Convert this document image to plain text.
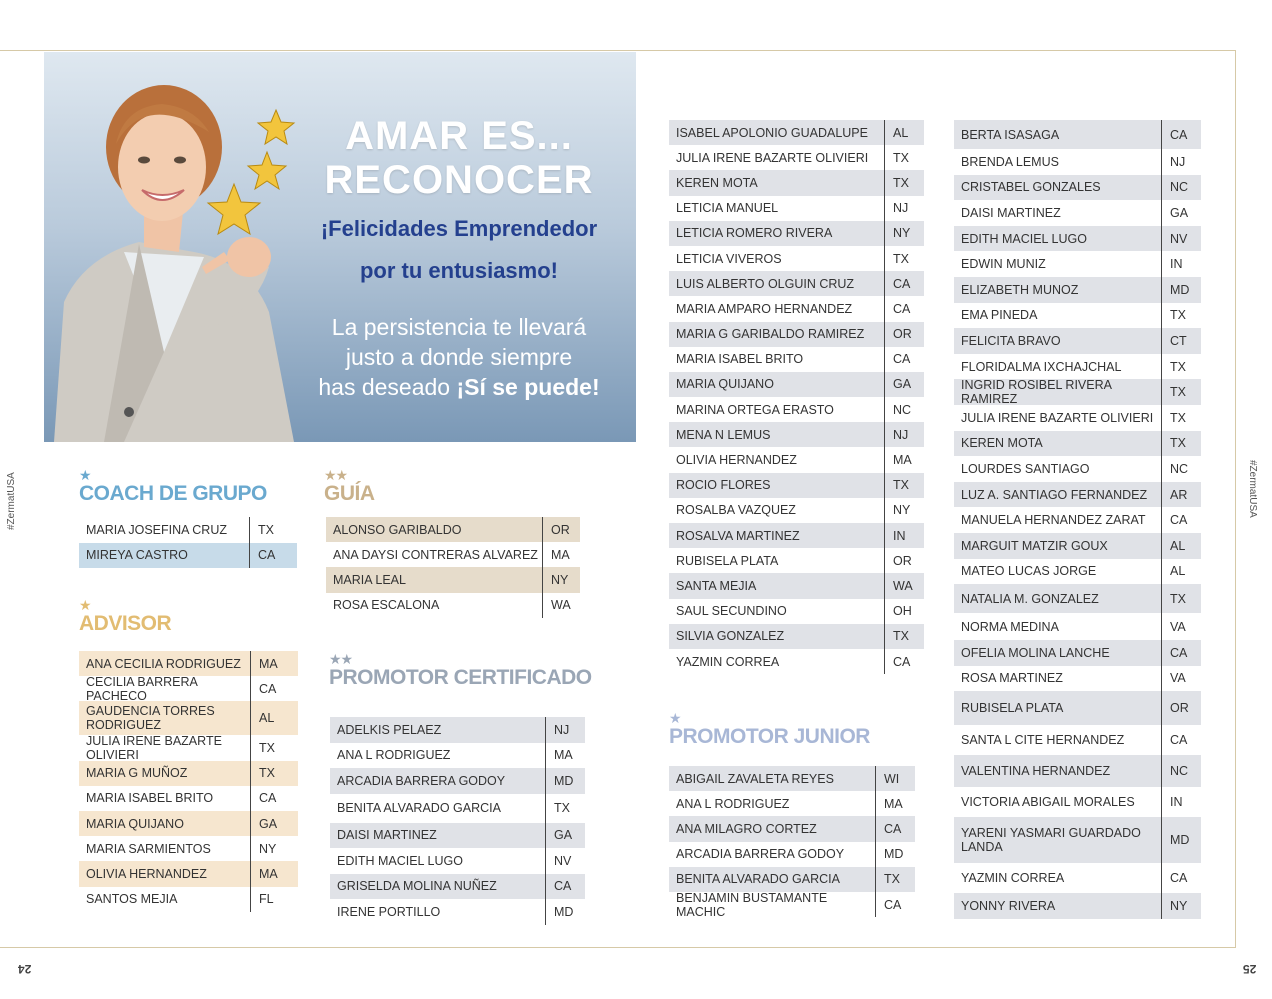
#ZermatUSA	#ZermatUSA
24	25
AMAR ES...
RECONOCER
¡Felicidades Emprendedor
por tu entusiasmo!
La persistencia te llevará
justo a donde siempre
has deseado ¡Sí se puede!
★
COACH DE GRUPO
★
ADVISOR
★★
GUÍA
★★
PROMOTOR CERTIFICADO
★
PROMOTOR JUNIOR
MARIA JOSEFINA CRUZ	TX
MIREYA CASTRO	CA
ANA CECILIA RODRIGUEZ	MA
CECILIA BARRERA PACHECO	CA
GAUDENCIA TORRES RODRIGUEZ	AL
JULIA IRENE BAZARTE OLIVIERI	TX
MARIA G MUÑOZ	TX
MARIA ISABEL BRITO	CA
MARIA QUIJANO	GA
MARIA SARMIENTOS	NY
OLIVIA HERNANDEZ	MA
SANTOS MEJIA	FL
ALONSO GARIBALDO	OR
ANA DAYSI CONTRERAS ALVAREZ	MA
MARIA LEAL	NY
ROSA ESCALONA	WA
ADELKIS PELAEZ	NJ
ANA L RODRIGUEZ	MA
ARCADIA BARRERA GODOY	MD
BENITA ALVARADO GARCIA	TX
DAISI MARTINEZ	GA
EDITH MACIEL LUGO	NV
GRISELDA MOLINA NUÑEZ	CA
IRENE PORTILLO	MD
ISABEL APOLONIO GUADALUPE	AL
JULIA IRENE BAZARTE OLIVIERI	TX
KEREN MOTA	TX
LETICIA MANUEL	NJ
LETICIA ROMERO RIVERA	NY
LETICIA VIVEROS	TX
LUIS ALBERTO OLGUIN CRUZ	CA
MARIA AMPARO HERNANDEZ	CA
MARIA G GARIBALDO RAMIREZ	OR
MARIA ISABEL BRITO	CA
MARIA QUIJANO	GA
MARINA ORTEGA ERASTO	NC
MENA N LEMUS	NJ
OLIVIA HERNANDEZ	MA
ROCIO FLORES	TX
ROSALBA VAZQUEZ	NY
ROSALVA MARTINEZ	IN
RUBISELA PLATA	OR
SANTA MEJIA	WA
SAUL SECUNDINO	OH
SILVIA GONZALEZ	TX
YAZMIN CORREA	CA
ABIGAIL ZAVALETA REYES	WI
ANA L RODRIGUEZ	MA
ANA MILAGRO CORTEZ	CA
ARCADIA BARRERA GODOY	MD
BENITA ALVARADO GARCIA	TX
BENJAMIN BUSTAMANTE MACHIC	CA
BERTA ISASAGA	CA
BRENDA LEMUS	NJ
CRISTABEL GONZALES	NC
DAISI MARTINEZ	GA
EDITH MACIEL LUGO	NV
EDWIN MUNIZ	IN
ELIZABETH MUNOZ	MD
EMA PINEDA	TX
FELICITA BRAVO	CT
FLORIDALMA IXCHAJCHAL	TX
INGRID ROSIBEL RIVERA RAMIREZ	TX
JULIA IRENE BAZARTE OLIVIERI	TX
KEREN MOTA	TX
LOURDES SANTIAGO	NC
LUZ A. SANTIAGO FERNANDEZ	AR
MANUELA HERNANDEZ ZARAT	CA
MARGUIT MATZIR GOUX	AL
MATEO LUCAS JORGE	AL
NATALIA M. GONZALEZ	TX
NORMA MEDINA	VA
OFELIA MOLINA LANCHE	CA
ROSA MARTINEZ	VA
RUBISELA PLATA	OR
SANTA L CITE HERNANDEZ	CA
VALENTINA HERNANDEZ	NC
VICTORIA ABIGAIL MORALES	IN
YARENI YASMARI GUARDADO LANDA	MD
YAZMIN CORREA	CA
YONNY RIVERA	NY
